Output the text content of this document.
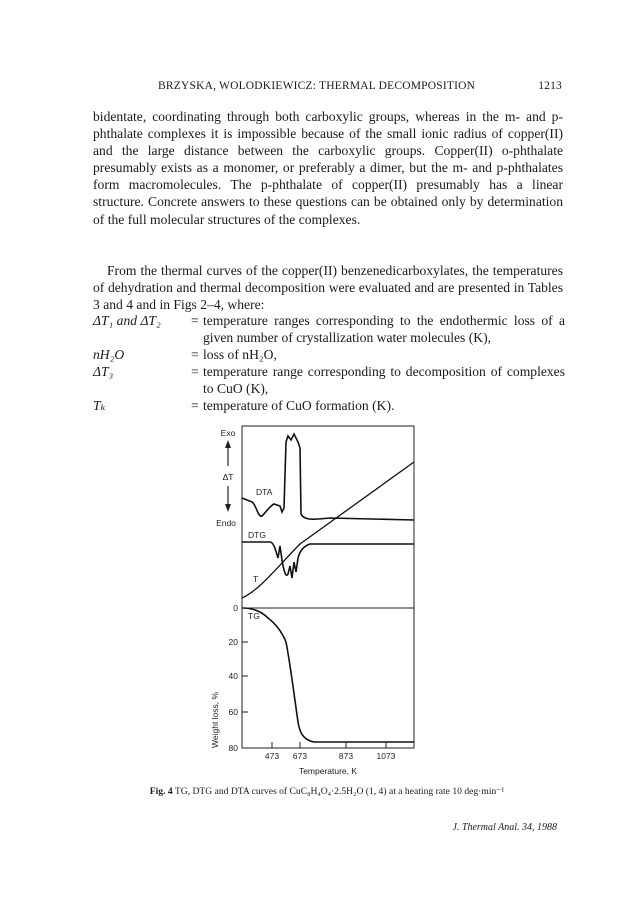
BRZYSKA, WOLODKIEWICZ: THERMAL DECOMPOSITION	1213

bidentate, coordinating through both carboxylic groups, whereas in the m- and p-phthalate complexes it is impossible because of the small ionic radius of copper(II) and the large distance between the carboxylic groups. Copper(II) o-phthalate presumably exists as a monomer, or preferably a dimer, but the m- and p-phthalates form macromolecules. The p-phthalate of copper(II) presumably has a linear structure. Concrete answers to these questions can be obtained only by determination of the full molecular structures of the complexes.

From the thermal curves of the copper(II) benzenedicarboxylates, the temperatures of dehydration and thermal decomposition were evaluated and are presented in Tables 3 and 4 and in Figs 2–4, where:

ΔT₁ and ΔT₂	= temperature ranges corresponding to the endothermic loss of a given number of crystallization water molecules (K),
nH₂O	= loss of nH₂O,
ΔT₃	= temperature range corresponding to decomposition of complexes to CuO (K),
Tₖ	= temperature of CuO formation (K).
Exo
ΔT
Endo
T
DTA
DTG
TG
0
20
40
60
80
Weight loss, %
473 673	873	1073
Temperature, K
Fig. 4 TG, DTG and DTA curves of CuC₈H₄O₄·2.5H₂O (1, 4) at a heating rate 10 deg·min⁻¹
J. Thermal Anal. 34, 1988
